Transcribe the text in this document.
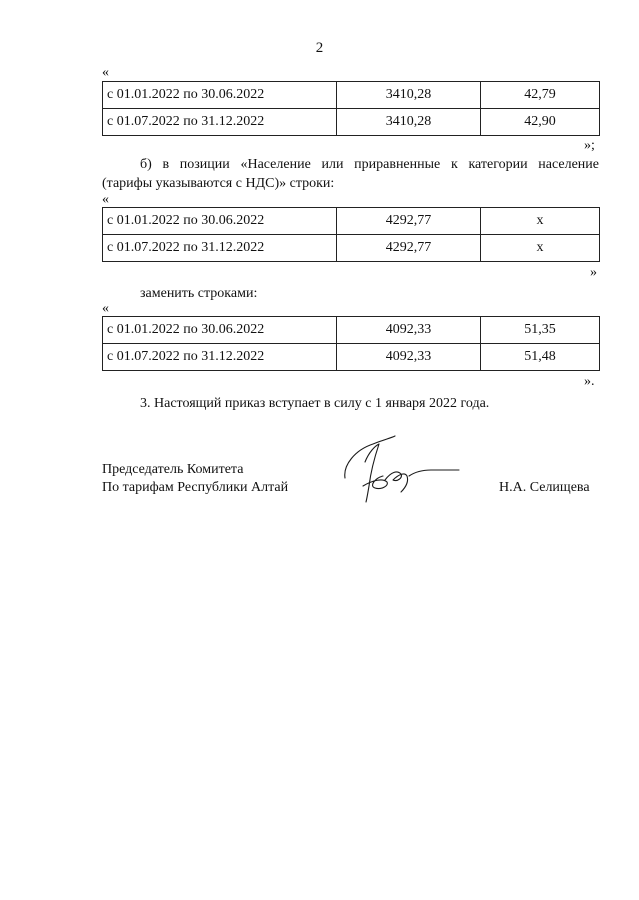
2
«
с 01.01.2022 по 30.06.2022	3410,28	42,79
с 01.07.2022 по 31.12.2022	3410,28	42,90
»;
б) в позиции «Население или приравненные к категории население
(тарифы указываются с НДС)» строки:
«
с 01.01.2022 по 30.06.2022	4292,77	х
с 01.07.2022 по 31.12.2022	4292,77	х
»
заменить строками:
«
с 01.01.2022 по 30.06.2022	4092,33	51,35
с 01.07.2022 по 31.12.2022	4092,33	51,48
».
3. Настоящий приказ вступает в силу с 1 января 2022 года.
Председатель Комитета
По тарифам Республики Алтай	Н.А. Селищева
